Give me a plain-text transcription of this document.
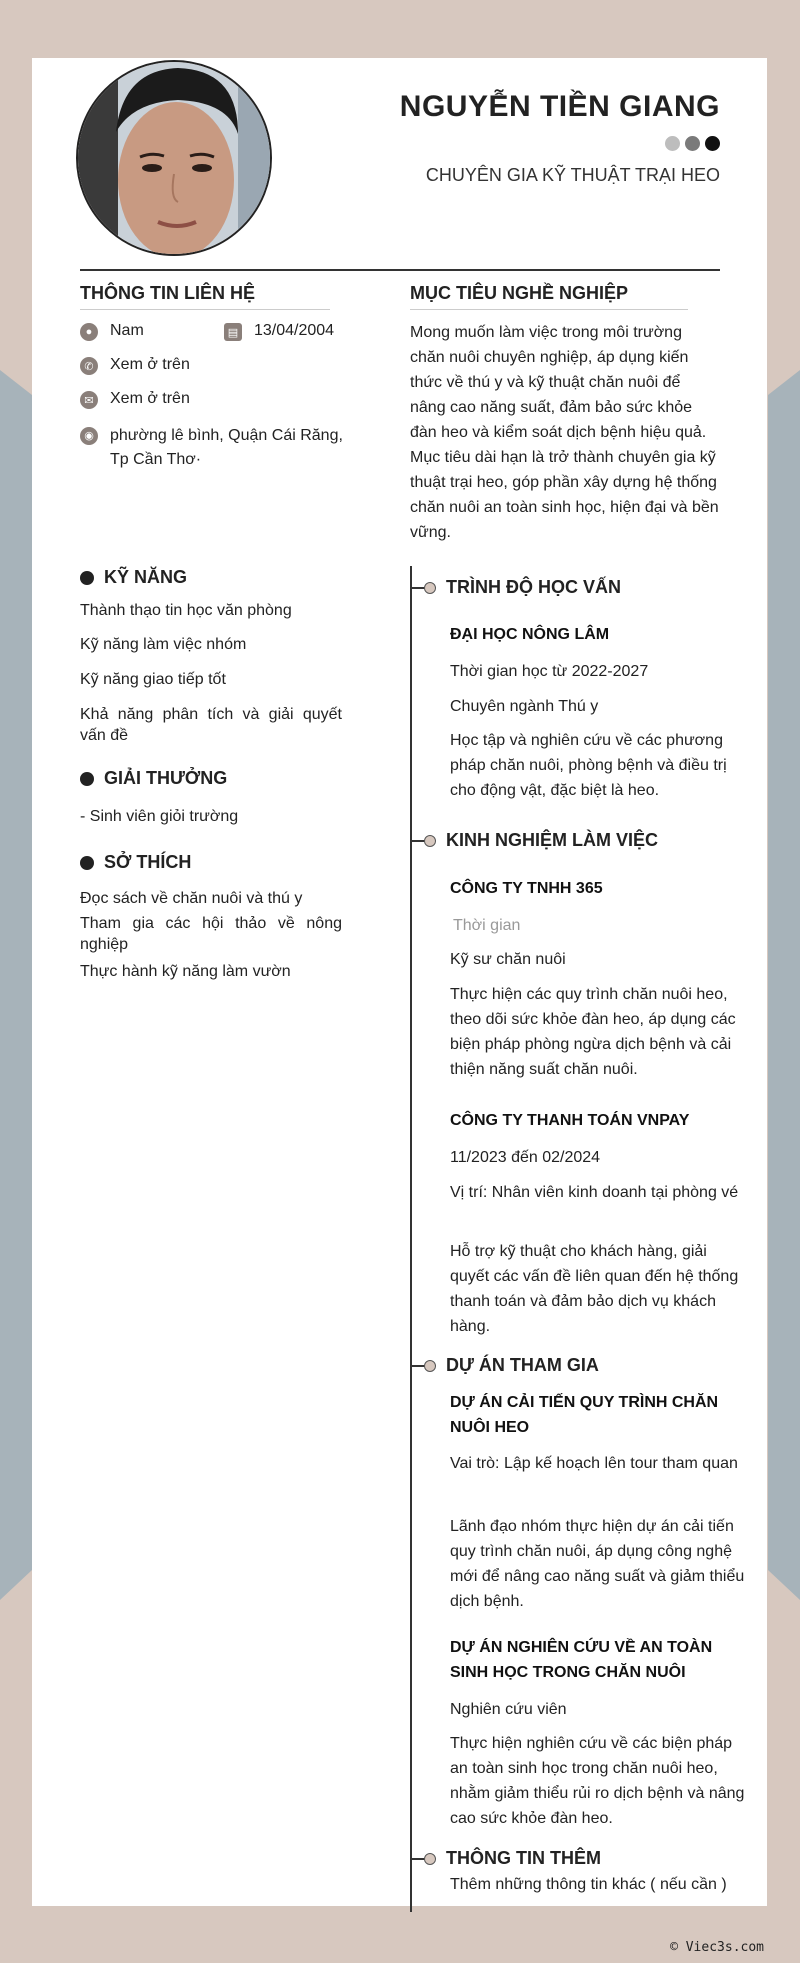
NGUYỄN TIỀN GIANG
CHUYÊN GIA KỸ THUẬT TRẠI HEO
THÔNG TIN LIÊN HỆ
●	Nam	▤ 13/04/2004
✆ Xem ở trên
✉ Xem ở trên
◉ phường lê bình, Quận Cái Răng, Tp Cần Thơ·
MỤC TIÊU NGHỀ NGHIỆP
Mong muốn làm việc trong môi trường chăn nuôi chuyên nghiệp, áp dụng kiến thức về thú y và kỹ thuật chăn nuôi để nâng cao năng suất, đảm bảo sức khỏe đàn heo và kiểm soát dịch bệnh hiệu quả. Mục tiêu dài hạn là trở thành chuyên gia kỹ thuật trại heo, góp phần xây dựng hệ thống chăn nuôi an toàn sinh học, hiện đại và bền vững.
KỸ NĂNG
Thành thạo tin học văn phòng
Kỹ năng làm việc nhóm
Kỹ năng giao tiếp tốt
Khả năng phân tích và giải quyết vấn đề
GIẢI THƯỞNG
- Sinh viên giỏi trường
SỞ THÍCH
Đọc sách về chăn nuôi và thú y
Tham gia các hội thảo về nông nghiệp
Thực hành kỹ năng làm vườn
TRÌNH ĐỘ HỌC VẤN
ĐẠI HỌC NÔNG LÂM
Thời gian học từ 2022-2027
Chuyên ngành Thú y
Học tập và nghiên cứu về các phương pháp chăn nuôi, phòng bệnh và điều trị cho động vật, đặc biệt là heo.
KINH NGHIỆM LÀM VIỆC
CÔNG TY TNHH 365
Thời gian
Kỹ sư chăn nuôi
Thực hiện các quy trình chăn nuôi heo, theo dõi sức khỏe đàn heo, áp dụng các biện pháp phòng ngừa dịch bệnh và cải thiện năng suất chăn nuôi.
CÔNG TY THANH TOÁN VNPAY
11/2023 đến 02/2024
Vị trí: Nhân viên kinh doanh tại phòng vé
Hỗ trợ kỹ thuật cho khách hàng, giải quyết các vấn đề liên quan đến hệ thống thanh toán và đảm bảo dịch vụ khách hàng.
DỰ ÁN THAM GIA
DỰ ÁN CẢI TIẾN QUY TRÌNH CHĂN NUÔI HEO
Vai trò: Lập kế hoạch lên tour tham quan
Lãnh đạo nhóm thực hiện dự án cải tiến quy trình chăn nuôi, áp dụng công nghệ mới để nâng cao năng suất và giảm thiểu dịch bệnh.
DỰ ÁN NGHIÊN CỨU VỀ AN TOÀN SINH HỌC TRONG CHĂN NUÔI
Nghiên cứu viên
Thực hiện nghiên cứu về các biện pháp an toàn sinh học trong chăn nuôi heo, nhằm giảm thiểu rủi ro dịch bệnh và nâng cao sức khỏe đàn heo.
THÔNG TIN THÊM
Thêm những thông tin khác ( nếu cần )
© Viec3s.com
